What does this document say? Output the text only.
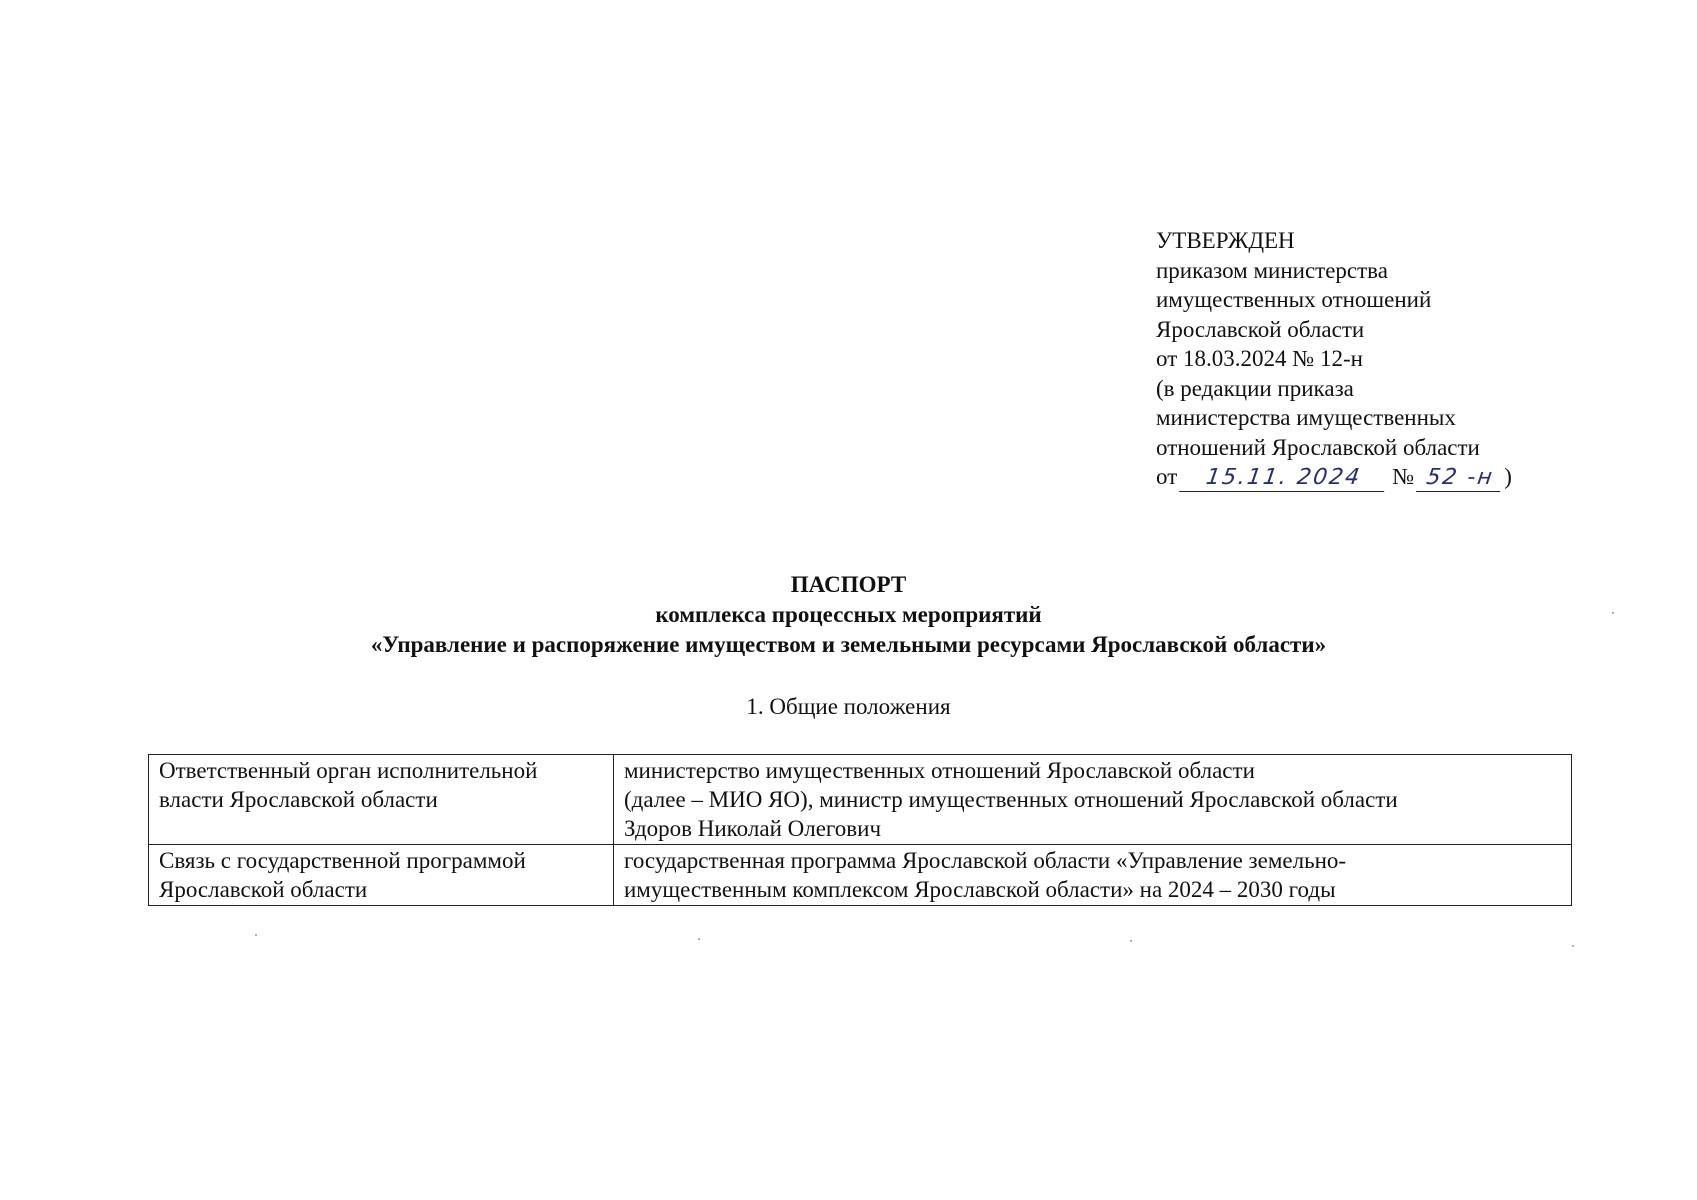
УТВЕРЖДЕН
приказом министерства
имущественных отношений
Ярославской области
от 18.03.2024 № 12-н
(в редакции приказа
министерства имущественных
отношений Ярославской области
от 15.11. 2024 № 52 -н )
ПАСПОРТ
комплекса процессных мероприятий
«Управление и распоряжение имуществом и земельными ресурсами Ярославской области»
1. Общие положения
Ответственный орган исполнительной власти Ярославской области	министерство имущественных отношений Ярославской области
(далее – МИО ЯО), министр имущественных отношений Ярославской области
Здоров Николай Олегович

Связь с государственной программой Ярославской области	государственная программа Ярославской области «Управление земельно-
имущественным комплексом Ярославской области» на 2024 – 2030 годы
